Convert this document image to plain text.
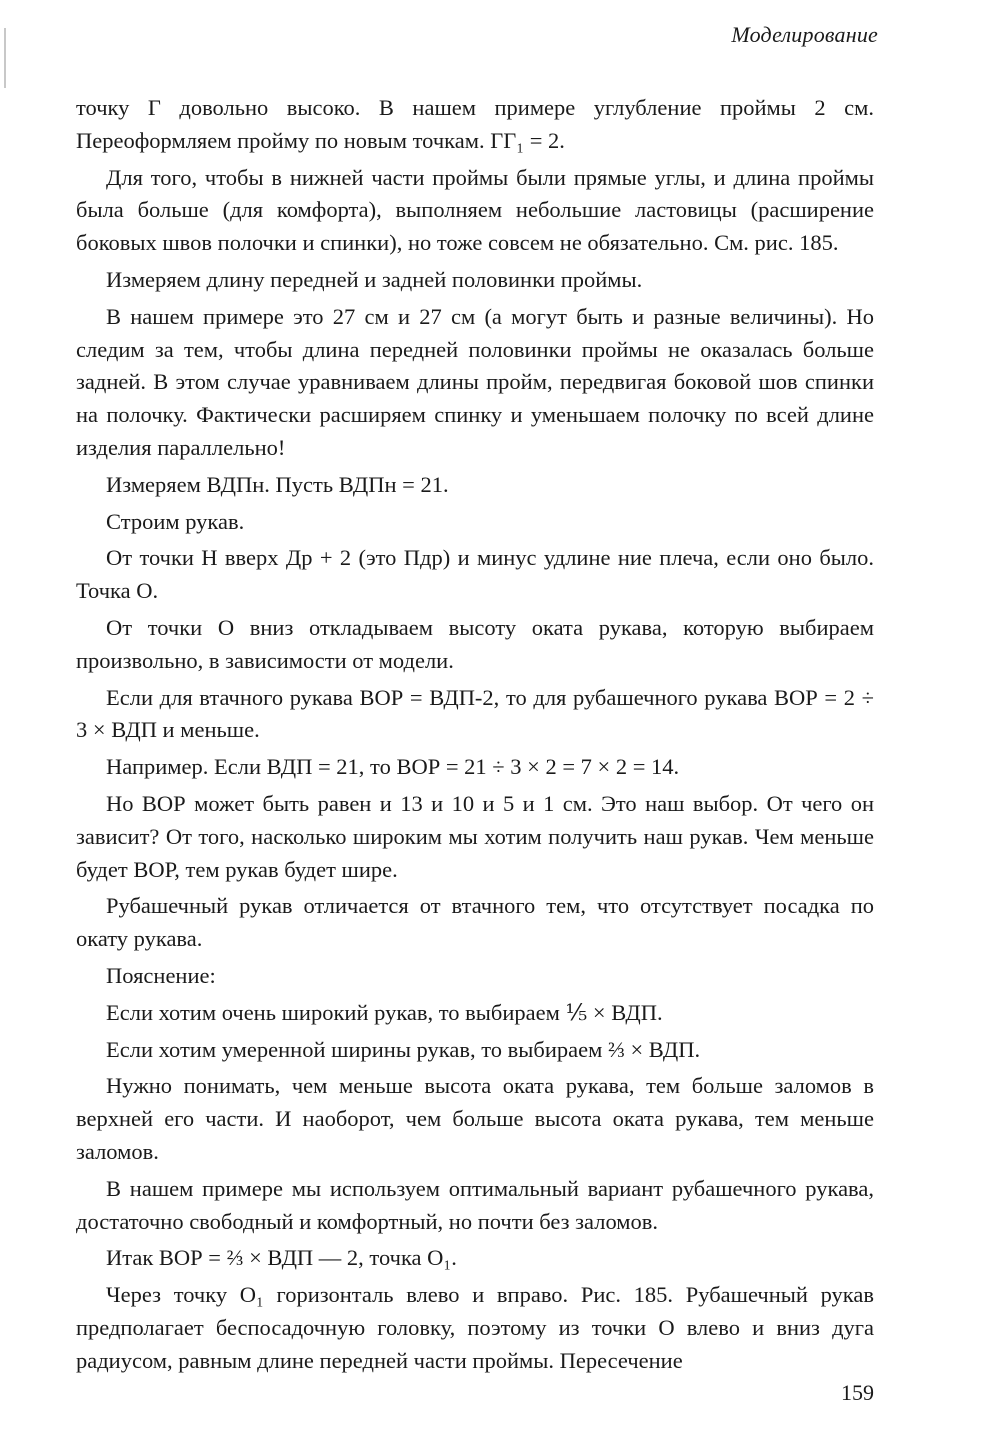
Моделирование

точку Г довольно высоко. В нашем примере углубление проймы 2 см. Переоформляем пройму по новым точкам. ГГ₁ = 2.

Для того, чтобы в нижней части проймы были прямые углы, и длина проймы была больше (для комфорта), выполняем небольшие ластовицы (расширение боковых швов полочки и спинки), но тоже совсем не обязательно. См. рис. 185.

Измеряем длину передней и задней половинки проймы.

В нашем примере это 27 см и 27 см (а могут быть и разные величины). Но следим за тем, чтобы длина передней половинки проймы не оказалась больше задней. В этом случае уравниваем длины пройм, передвигая боковой шов спинки на полочку. Фактически расширяем спинку и уменьшаем полочку по всей длине изделия параллельно!

Измеряем ВДПн. Пусть ВДПн = 21.

Строим рукав.

От точки Н вверх Др + 2 (это Пдр) и минус удлине ние плеча, если оно было. Точка О.

От точки О вниз откладываем высоту оката рукава, которую выбираем произвольно, в зависимости от модели.

Если для втачного рукава ВОР = ВДП-2, то для рубашечного рукава ВОР = 2 ÷ 3 × ВДП и меньше.

Например. Если ВДП = 21, то ВОР = 21 ÷ 3 × 2 = 7 × 2 = 14.

Но ВОР может быть равен и 13 и 10 и 5 и 1 см. Это наш выбор. От чего он зависит? От того, насколько широким мы хотим получить наш рукав. Чем меньше будет ВОР, тем рукав будет шире.

Рубашечный рукав отличается от втачного тем, что отсутствует посадка по окату рукава.

Пояснение:

Если хотим очень широкий рукав, то выбираем ⅕ × ВДП.

Если хотим умеренной ширины рукав, то выбираем ⅔ × ВДП.

Нужно понимать, чем меньше высота оката рукава, тем больше заломов в верхней его части. И наоборот, чем больше высота оката рукава, тем меньше заломов.

В нашем примере мы используем оптимальный вариант рубашечного рукава, достаточно свободный и комфортный, но почти без заломов.

Итак ВОР = ⅔ × ВДП — 2, точка О₁.

Через точку О₁ горизонталь влево и вправо. Рис. 185. Рубашечный рукав предполагает беспосадочную головку, поэтому из точки О влево и вниз дуга радиусом, равным длине передней части проймы. Пересечение

159
